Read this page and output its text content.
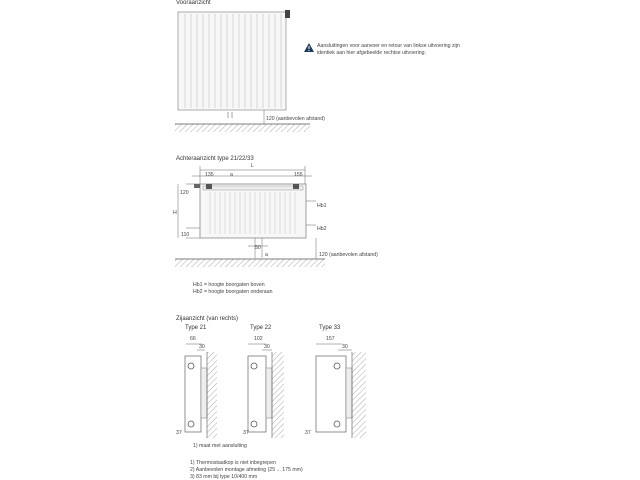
Vooraanzicht
Aansluitingen voor aanvoer en retour van linkse uitvoering zijn
identiek aan hier afgebeelde rechtse uitvoering.
120 (aanbevolen afstand)
Achteraanzicht type 21/22/33
L
135	a	155
120
H
110
Hb1
Hb2
50
a	120 (aanbevolen afstand)
Hb1 = hoogte boorgaten boven
Hb2 = hoogte boorgaten onderaan
Zijaanzicht (van rechts)
Type 21	Type 22	Type 33
66	102	157
30	30	30
37	37	37
1) maat met aansluiting
1) Thermostaatkop is niet inbegrepen
2) Aanbevolen montage afmeting (25 ... 175 mm)
3) 83 mm bij type 10/400 mm
